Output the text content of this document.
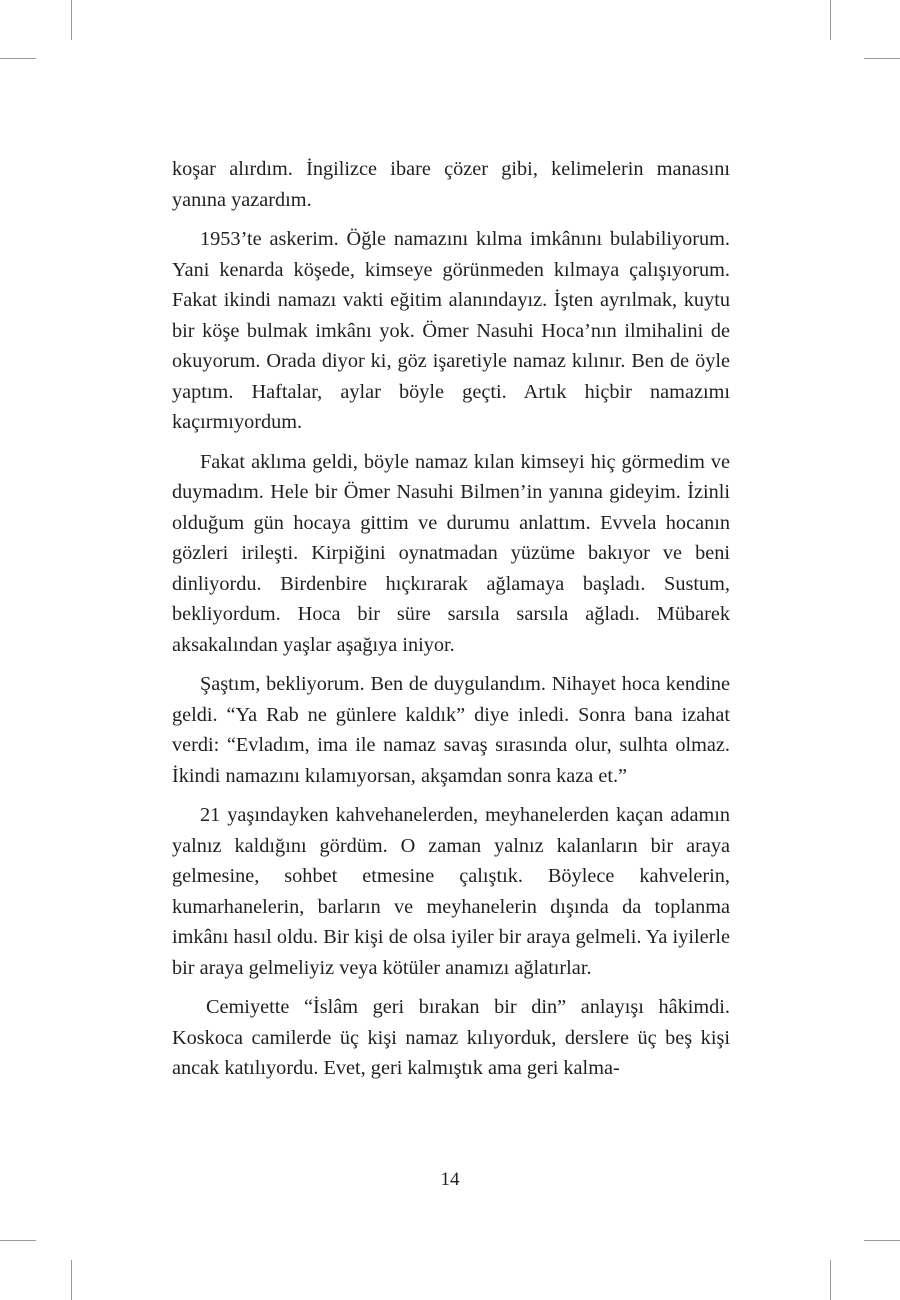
koşar alırdım. İngilizce ibare çözer gibi, kelimelerin manasını yanına yazardım.

1953’te askerim. Öğle namazını kılma imkânını bulabiliyorum. Yani kenarda köşede, kimseye görünmeden kılmaya çalışıyorum. Fakat ikindi namazı vakti eğitim alanındayız. İşten ayrılmak, kuytu bir köşe bulmak imkânı yok. Ömer Nasuhi Hoca’nın ilmihalini de okuyorum. Orada diyor ki, göz işaretiyle namaz kılınır. Ben de öyle yaptım. Haftalar, aylar böyle geçti. Artık hiçbir namazımı kaçırmıyordum.

Fakat aklıma geldi, böyle namaz kılan kimseyi hiç görmedim ve duymadım. Hele bir Ömer Nasuhi Bilmen’in yanına gideyim. İzinli olduğum gün hocaya gittim ve durumu anlattım. Evvela hocanın gözleri irileşti. Kirpiğini oynatmadan yüzüme bakıyor ve beni dinliyordu. Birdenbire hıçkırarak ağlamaya başladı. Sustum, bekliyordum. Hoca bir süre sarsıla sarsıla ağladı. Mübarek aksakalından yaşlar aşağıya iniyor.

Şaştım, bekliyorum. Ben de duygulandım. Nihayet hoca kendine geldi. “Ya Rab ne günlere kaldık” diye inledi. Sonra bana izahat verdi: “Evladım, ima ile namaz savaş sırasında olur, sulhta olmaz. İkindi namazını kılamıyorsan, akşamdan sonra kaza et.”

21 yaşındayken kahvehanelerden, meyhanelerden kaçan adamın yalnız kaldığını gördüm. O zaman yalnız kalanların bir araya gelmesine, sohbet etmesine çalıştık. Böylece kahvelerin, kumarhanelerin, barların ve meyhanelerin dışında da toplanma imkânı hasıl oldu. Bir kişi de olsa iyiler bir araya gelmeli. Ya iyilerle bir araya gelmeliyiz veya kötüler anamızı ağlatırlar.

Cemiyette “İslâm geri bırakan bir din” anlayışı hâkimdi. Koskoca camilerde üç kişi namaz kılıyorduk, derslere üç beş kişi ancak katılıyordu. Evet, geri kalmıştık ama geri kalma-

14
